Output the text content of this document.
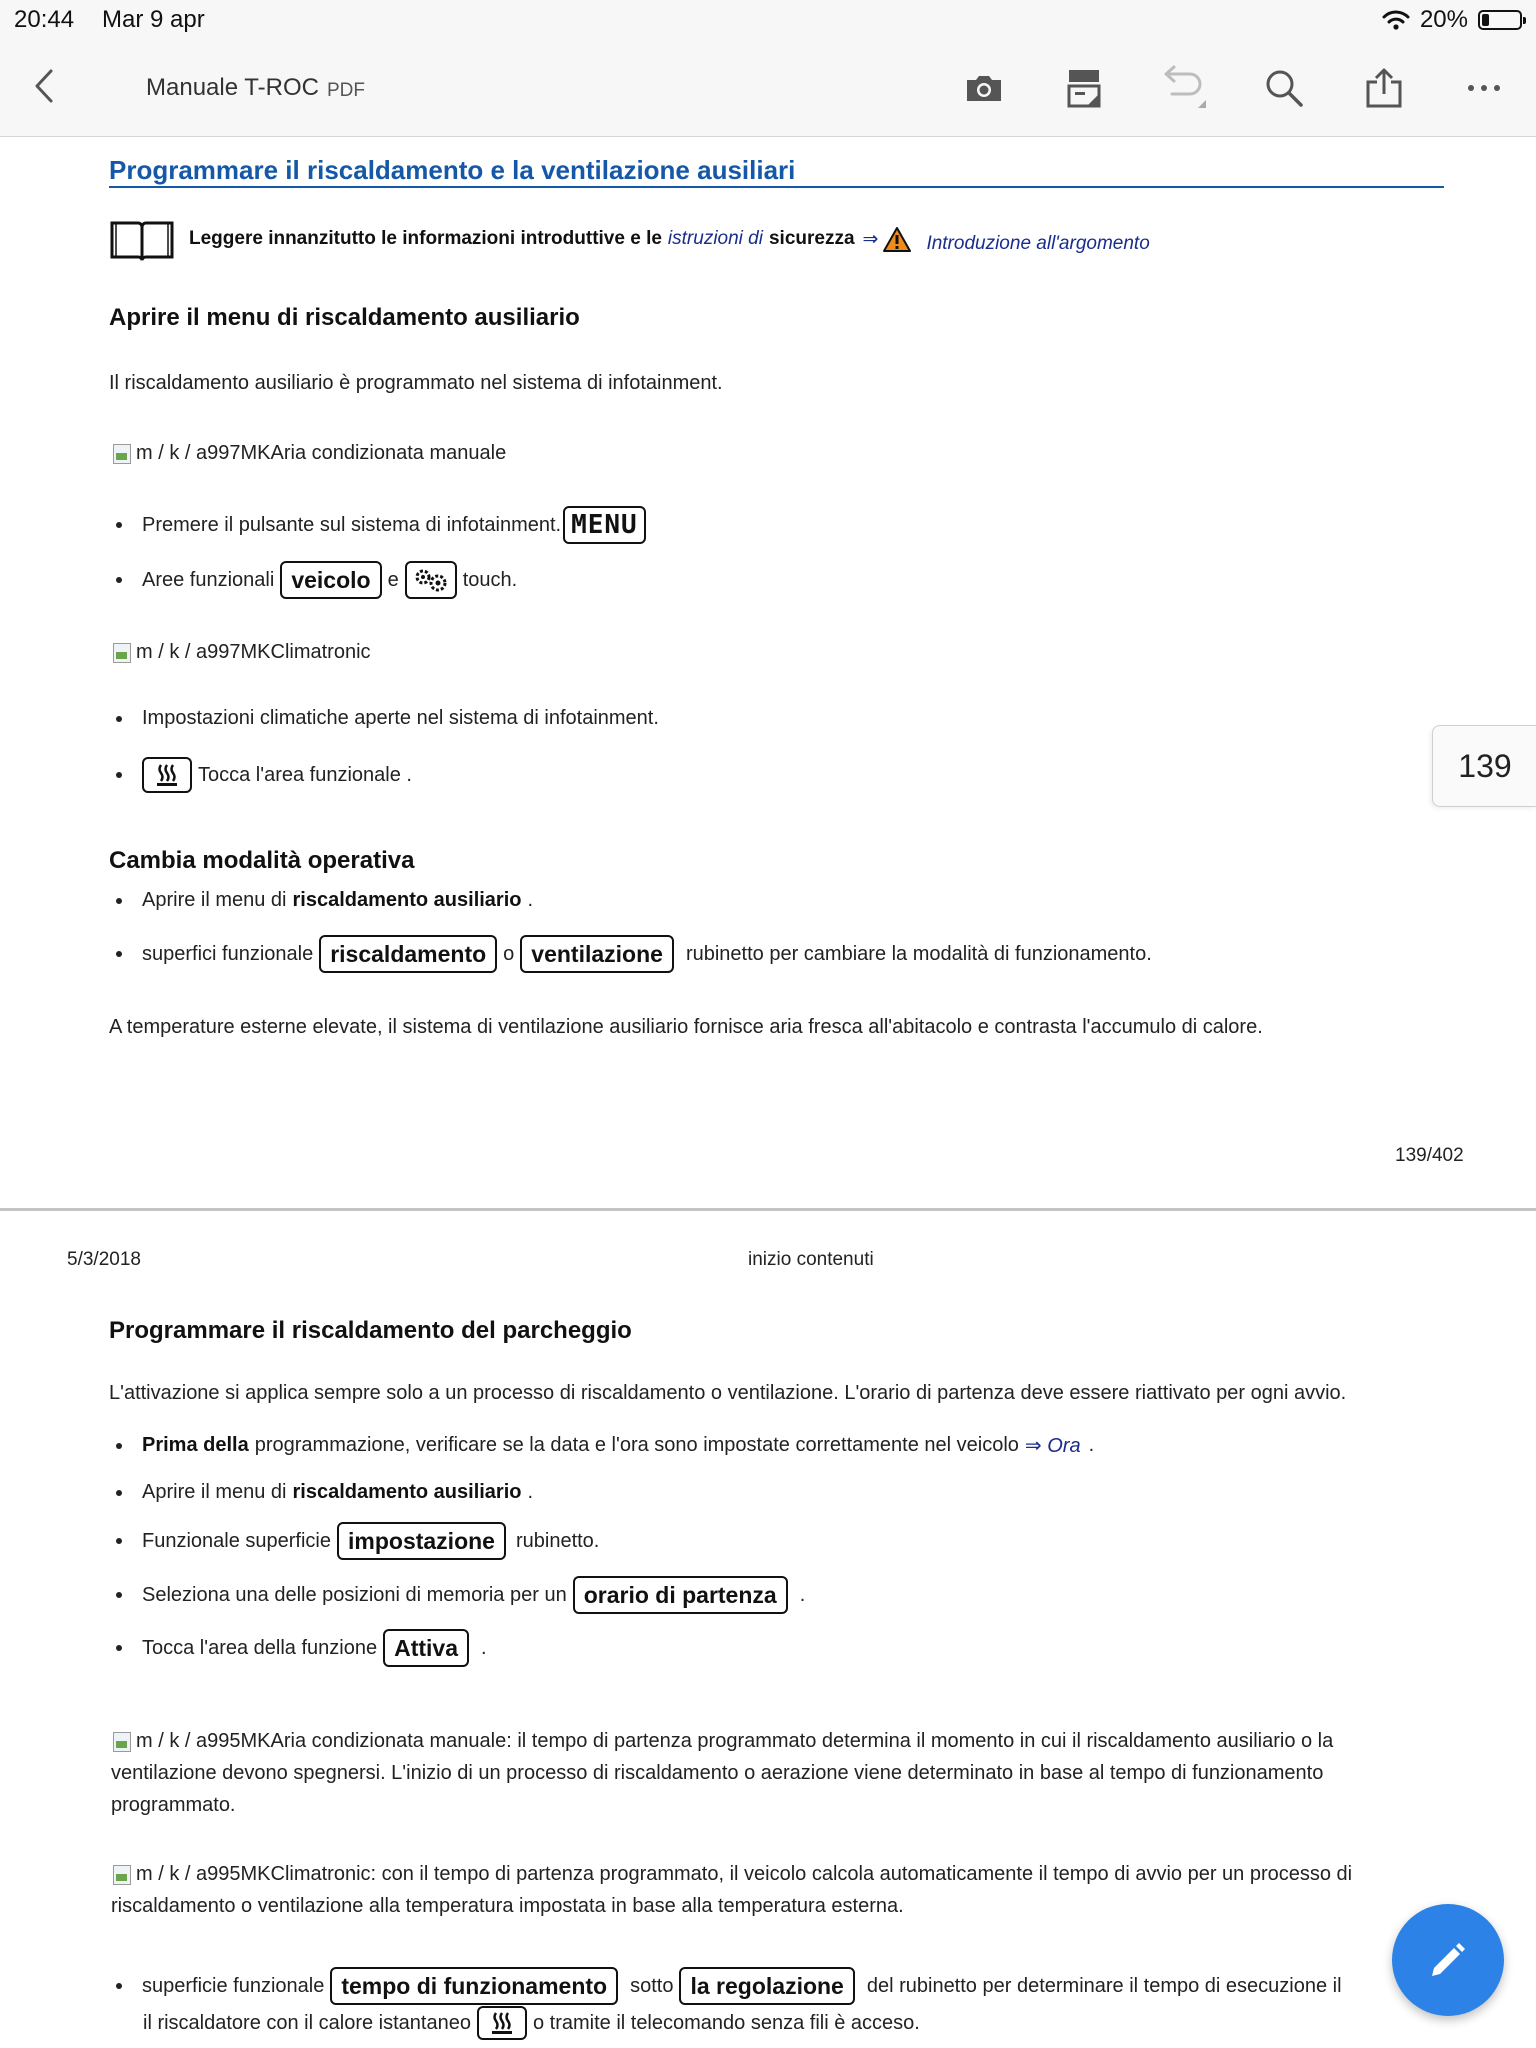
20:44 Mar 9 apr	20%
Manuale T-ROC PDF
Programmare il riscaldamento e la ventilazione ausiliari
Leggere innanzitutto le informazioni introduttive e le istruzioni di sicurezza ⇒	Introduzione all'argomento
Aprire il menu di riscaldamento ausiliario
Il riscaldamento ausiliario è programmato nel sistema di infotainment.
m / k / a997MK Aria condizionata manuale
Premere il pulsante sul sistema di infotainment. MENU
Aree funzionali veicolo e	touch.
m / k / a997MK Climatronic
Impostazioni climatiche aperte nel sistema di infotainment.
Tocca l'area funzionale .	139
Cambia modalità operativa
Aprire il menu di riscaldamento ausiliario .
superfici funzionale riscaldamento o ventilazione	rubinetto per cambiare la modalità di funzionamento.
A temperature esterne elevate, il sistema di ventilazione ausiliario fornisce aria fresca all'abitacolo e contrasta l'accumulo di calore.
139/402
5/3/2018	inizio contenuti
Programmare il riscaldamento del parcheggio
L'attivazione si applica sempre solo a un processo di riscaldamento o ventilazione. L'orario di partenza deve essere riattivato per ogni avvio.
Prima della programmazione, verificare se la data e l'ora sono impostate correttamente nel veicolo ⇒ Ora .
Aprire il menu di riscaldamento ausiliario .
Funzionale superficie impostazione	rubinetto.
Seleziona una delle posizioni di memoria per un orario di partenza	.
Tocca l'area della funzione Attiva	.
m / k / a995MK Aria condizionata manuale: il tempo di partenza programmato determina il momento in cui il riscaldamento ausiliario o la
ventilazione devono spegnersi. L'inizio di un processo di riscaldamento o aerazione viene determinato in base al tempo di funzionamento
programmato.
m / k / a995MK Climatronic: con il tempo di partenza programmato, il veicolo calcola automaticamente il tempo di avvio per un processo di
riscaldamento o ventilazione alla temperatura impostata in base alla temperatura esterna.
superficie funzionale tempo di funzionamento	sotto la regolazione	del rubinetto per determinare il tempo di esecuzione il
il riscaldatore con il calore istantaneo	o tramite il telecomando senza fili è acceso.
